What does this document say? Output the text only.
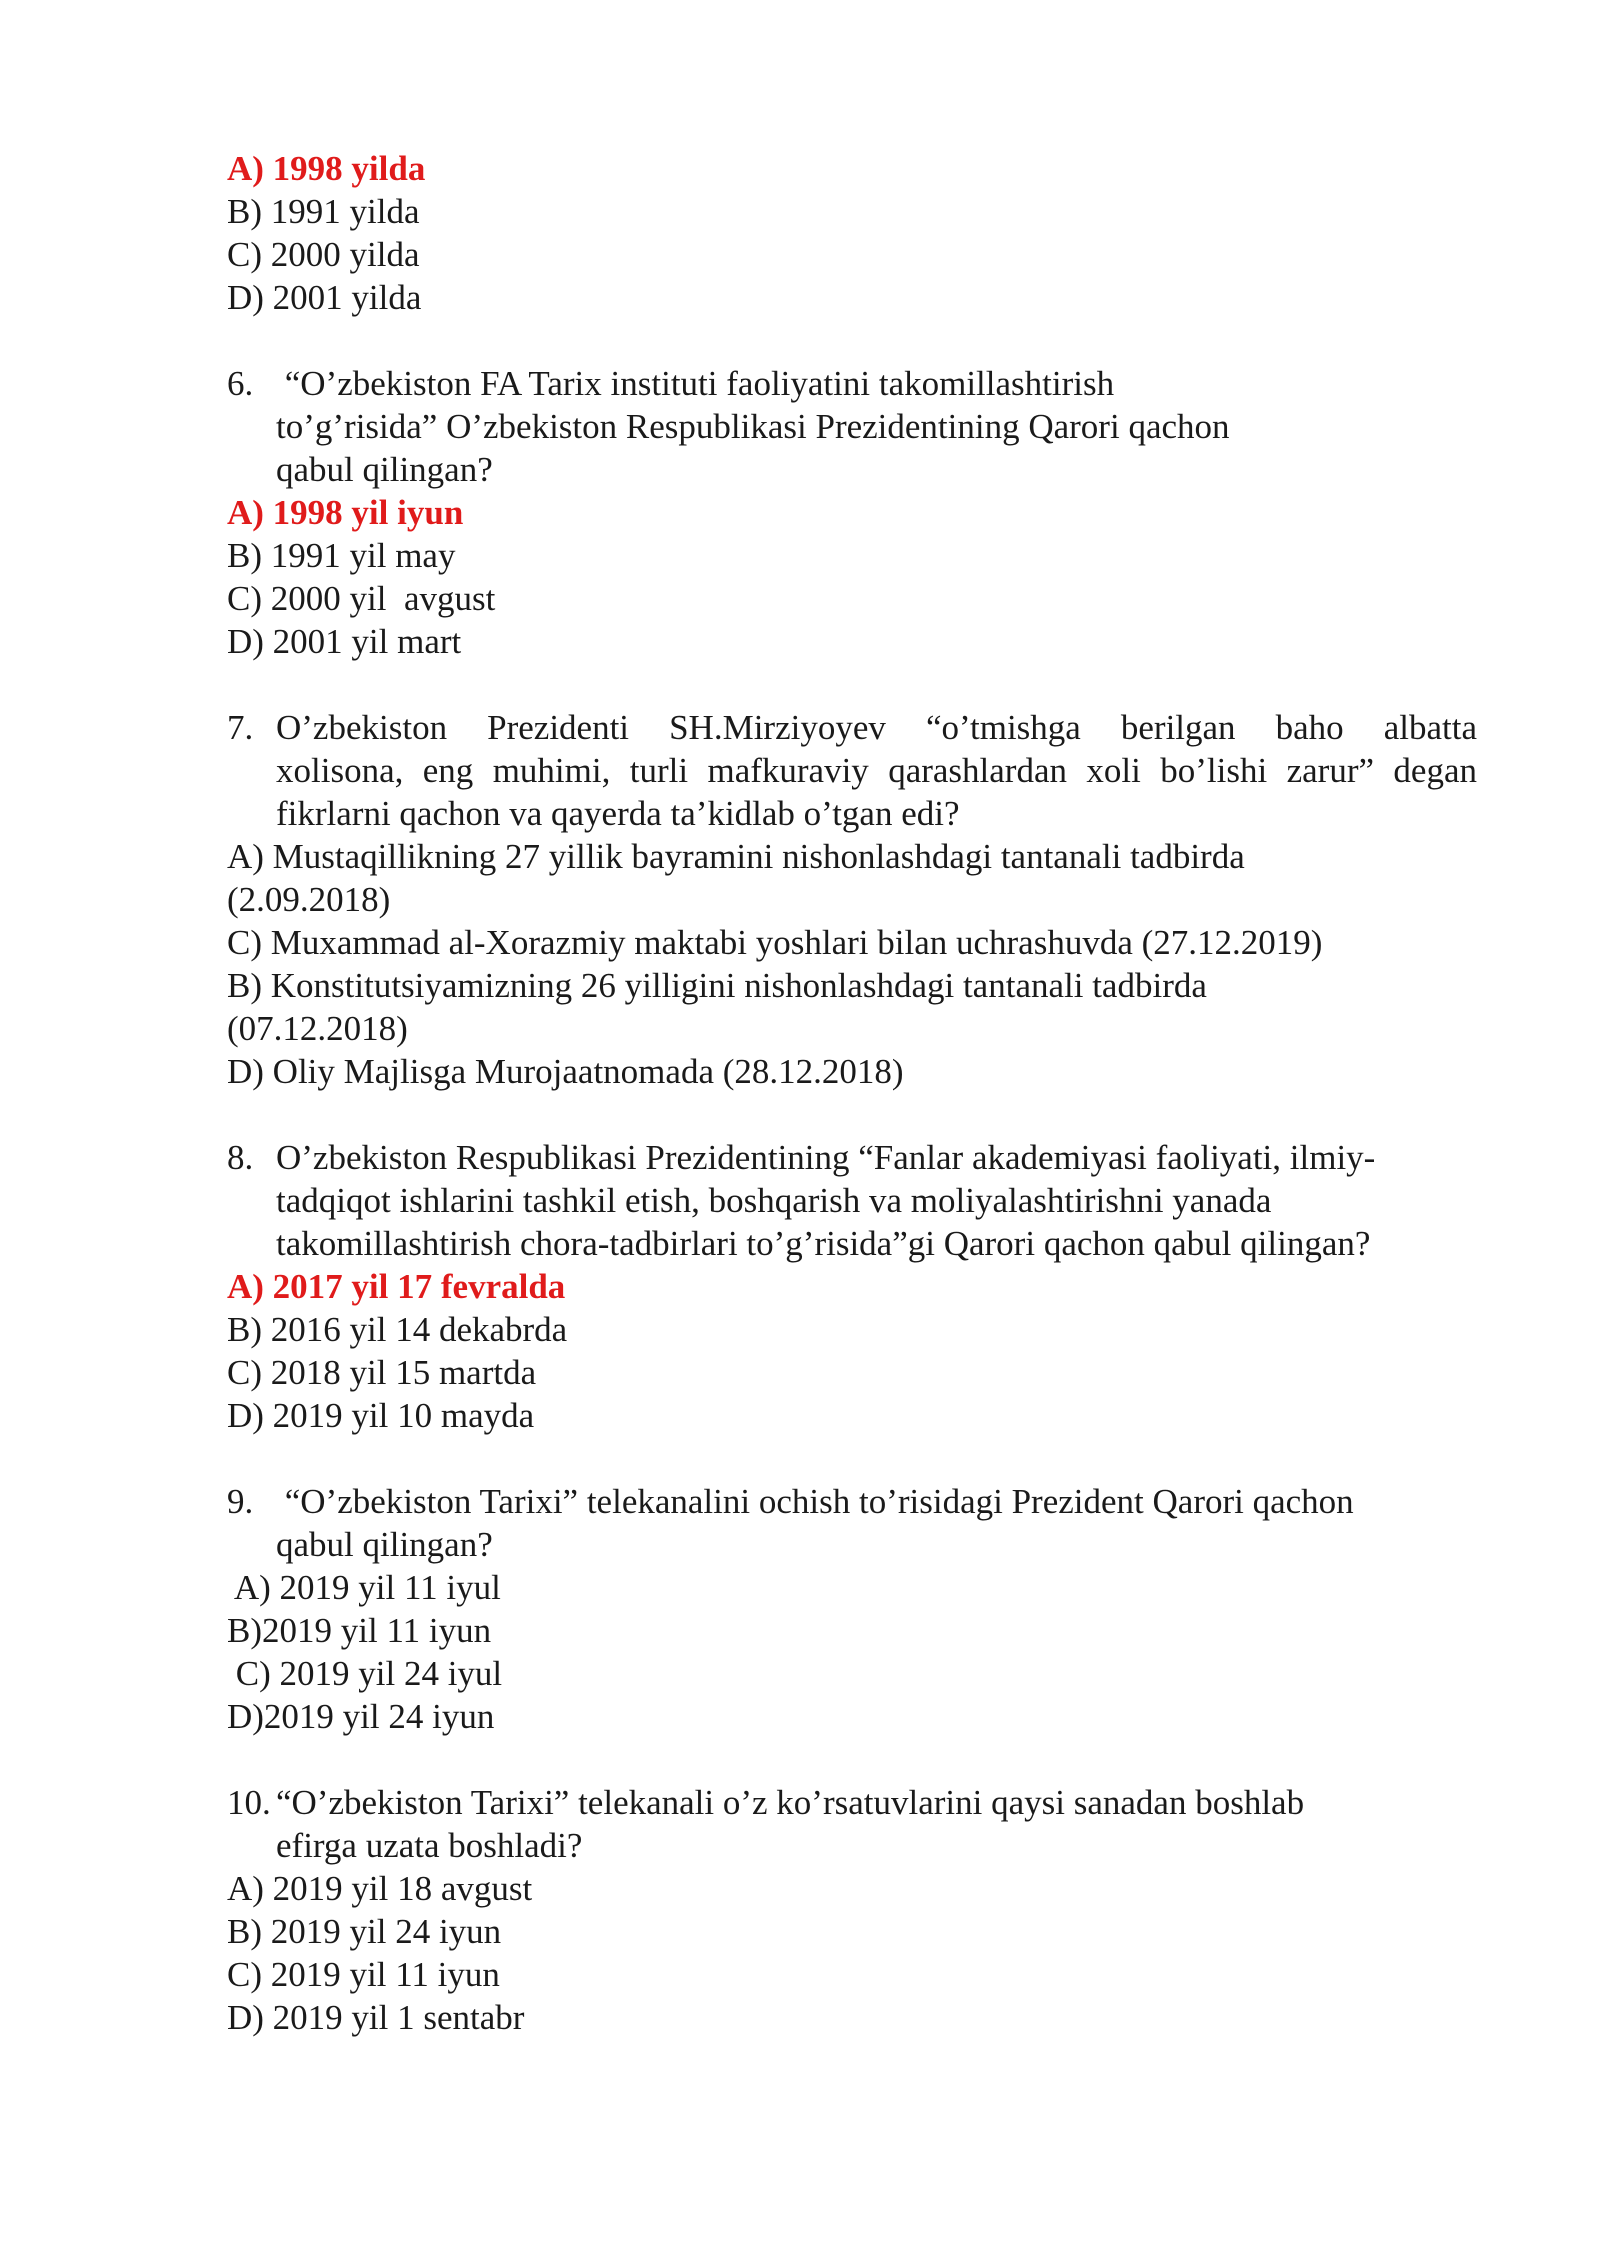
A) 1998 yilda
B) 1991 yilda
C) 2000 yilda
D) 2001 yilda
6. “O’zbekiston FA Tarix instituti faoliyatini takomillashtirish
to’g’risida” O’zbekiston Respublikasi Prezidentining Qarori qachon
qabul qilingan?
A) 1998 yil iyun
B) 1991 yil may
C) 2000 yil  avgust
D) 2001 yil mart
7. O’zbekiston Prezidenti SH.Mirziyoyev “o’tmishga berilgan baho albatta
xolisona, eng muhimi, turli mafkuraviy qarashlardan xoli bo’lishi zarur” degan
fikrlarni qachon va qayerda ta’kidlab o’tgan edi?
A) Mustaqillikning 27 yillik bayramini nishonlashdagi tantanali tadbirda
(2.09.2018)
C) Muxammad al-Xorazmiy maktabi yoshlari bilan uchrashuvda (27.12.2019)
B) Konstitutsiyamizning 26 yilligini nishonlashdagi tantanali tadbirda
(07.12.2018)
D) Oliy Majlisga Murojaatnomada (28.12.2018)
8. O’zbekiston Respublikasi Prezidentining “Fanlar akademiyasi faoliyati, ilmiy-
tadqiqot ishlarini tashkil etish, boshqarish va moliyalashtirishni yanada
takomillashtirish chora-tadbirlari to’g’risida”gi Qarori qachon qabul qilingan?
A) 2017 yil 17 fevralda
B) 2016 yil 14 dekabrda
C) 2018 yil 15 martda
D) 2019 yil 10 mayda
9. “O’zbekiston Tarixi” telekanalini ochish to’risidagi Prezident Qarori qachon
qabul qilingan?
A) 2019 yil 11 iyul
B)2019 yil 11 iyun
C) 2019 yil 24 iyul
D)2019 yil 24 iyun
10. “O’zbekiston Tarixi” telekanali o’z ko’rsatuvlarini qaysi sanadan boshlab
efirga uzata boshladi?
A) 2019 yil 18 avgust
B) 2019 yil 24 iyun
C) 2019 yil 11 iyun
D) 2019 yil 1 sentabr
